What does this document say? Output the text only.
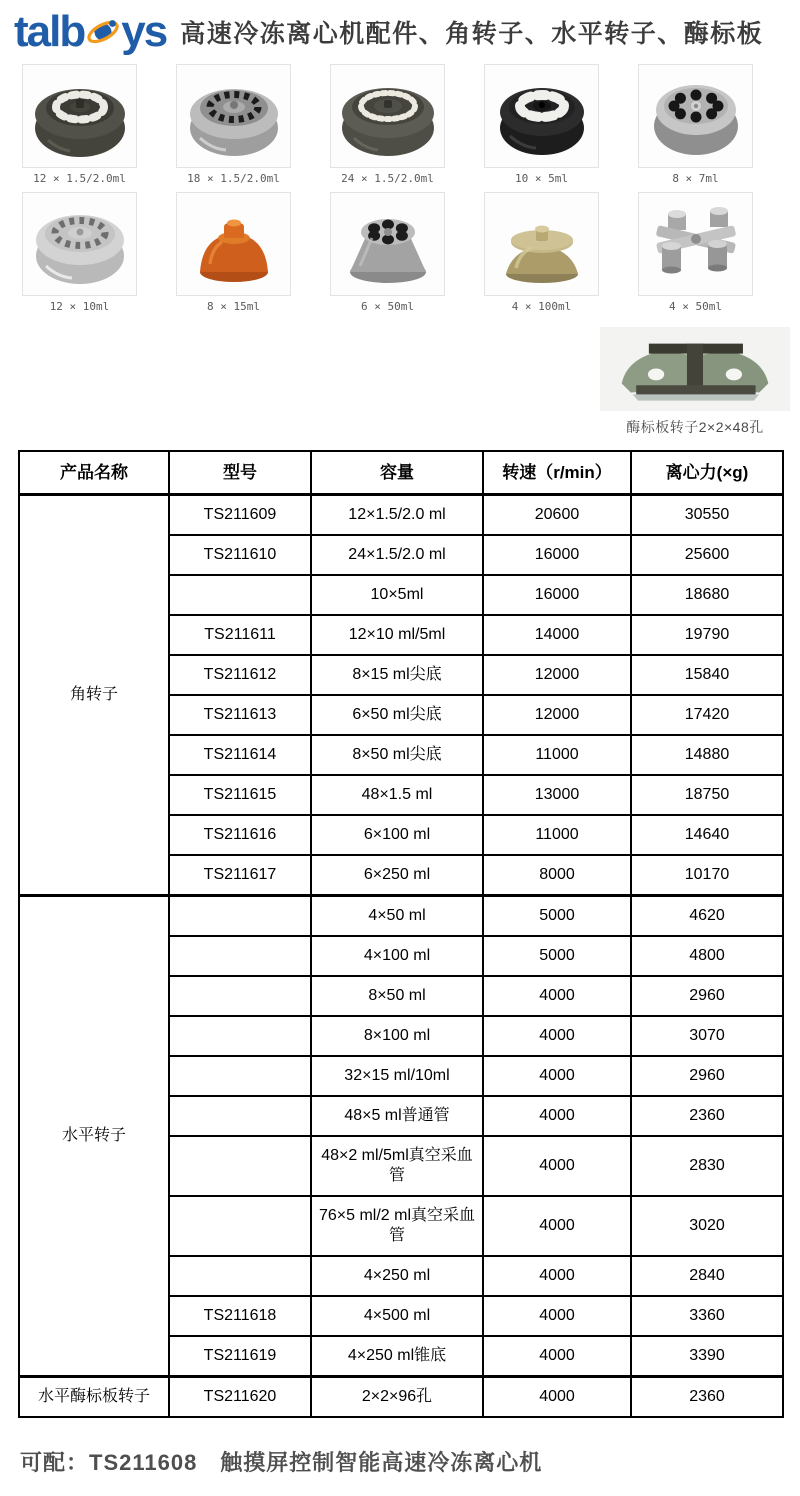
talb ys 高速冷冻离心机配件、角转子、水平转子、酶标板
12 × 1.5/2.0ml	18 × 1.5/2.0ml	24 × 1.5/2.0ml	10 × 5ml	8 × 7ml
12 × 10ml	8 × 15ml	6 × 50ml	4 × 100ml	4 × 50ml
酶标板转子2×2×48孔
产品名称	型号	容量	转速（r/min）	离心力(×g)
角转子	TS211609	12×1.5/2.0 ml	20600	30550
	TS211610	24×1.5/2.0 ml	16000	25600
		10×5ml	16000	18680
	TS211611	12×10 ml/5ml	14000	19790
	TS211612	8×15 ml尖底	12000	15840
	TS211613	6×50 ml尖底	12000	17420
	TS211614	8×50 ml尖底	11000	14880
	TS211615	48×1.5 ml	13000	18750
	TS211616	6×100 ml	11000	14640
	TS211617	6×250 ml	8000	10170
水平转子		4×50 ml	5000	4620
		4×100 ml	5000	4800
		8×50 ml	4000	2960
		8×100 ml	4000	3070
		32×15 ml/10ml	4000	2960
		48×5 ml普通管	4000	2360
		48×2 ml/5ml真空采血管	4000	2830
		76×5 ml/2 ml真空采血管	4000	3020
		4×250 ml	4000	2840
	TS211618	4×500 ml	4000	3360
	TS211619	4×250 ml锥底	4000	3390
水平酶标板转子	TS211620	2×2×96孔	4000	2360
可配：TS211608　触摸屏控制智能高速冷冻离心机
